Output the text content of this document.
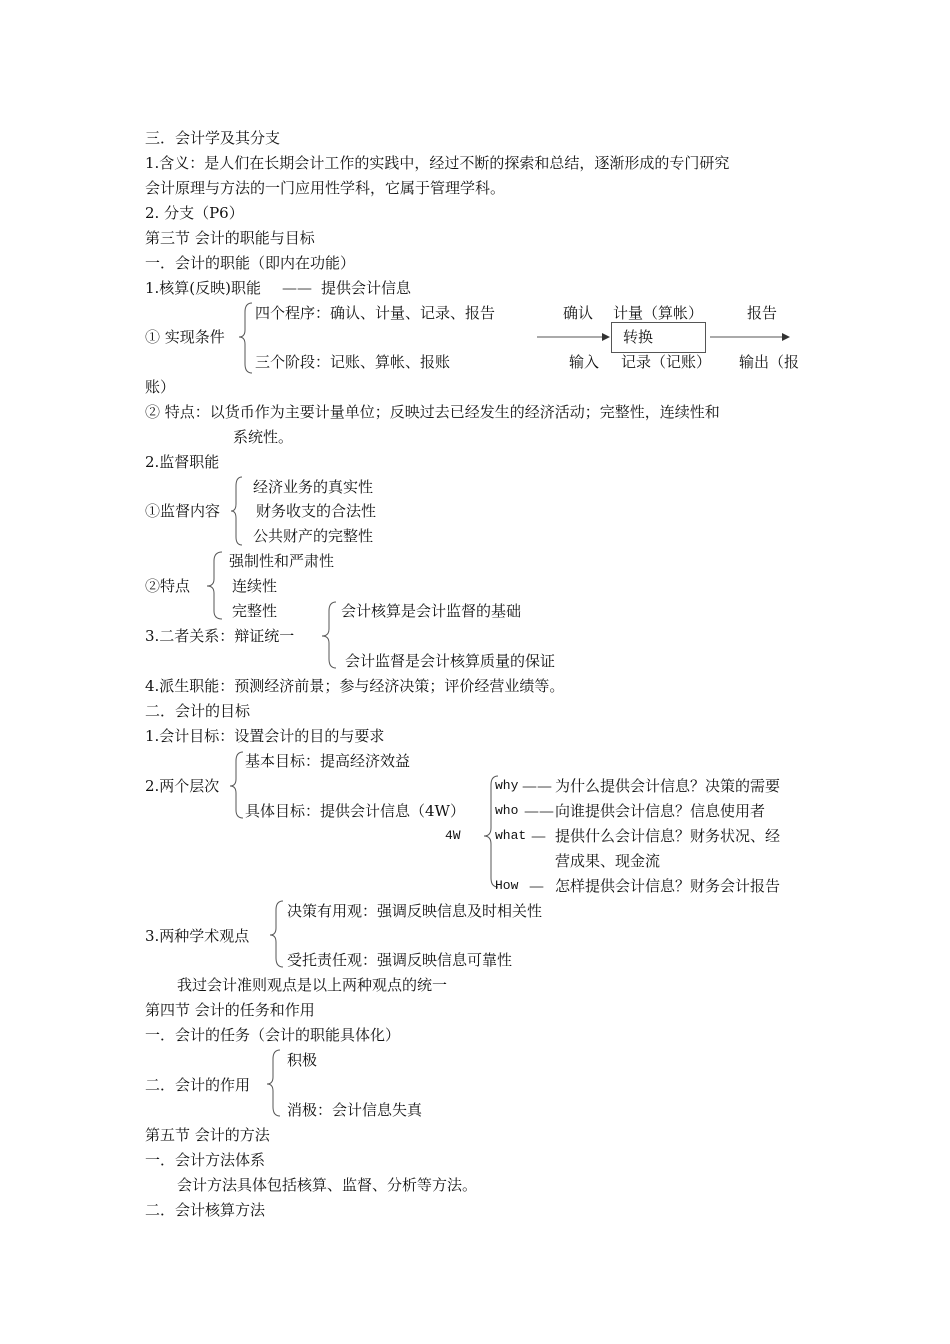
三．会计学及其分支
1.含义：是人们在长期会计工作的实践中，经过不断的探索和总结，逐渐形成的专门研究
会计原理与方法的一门应用性学科，它属于管理学科。
2. 分支（P6）
第三节 会计的职能与目标
一．会计的职能（即内在功能）
1.核算(反映)职能 —— 提供会计信息
① 实现条件
四个程序：确认、计量、记录、报告
三个阶段：记账、算帐、报账
确认 计量（算帐）	报告
转换
输入 记录（记账） 输出（报
账）
② 特点：以货币作为主要计量单位；反映过去已经发生的经济活动；完整性，连续性和
系统性。
2.监督职能
①监督内容
经济业务的真实性
财务收支的合法性
公共财产的完整性
②特点
强制性和严肃性
连续性
完整性
3.二者关系：辩证统一
会计核算是会计监督的基础
会计监督是会计核算质量的保证
4.派生职能：预测经济前景；参与经济决策；评价经营业绩等。
二．会计的目标
1.会计目标：设置会计的目的与要求
2.两个层次
基本目标：提高经济效益
具体目标：提供会计信息（4W）
4W
why —— 为什么提供会计信息？决策的需要
who —— 向谁提供会计信息？信息使用者
what — 提供什么会计信息？财务状况、经
营成果、现金流
How — 怎样提供会计信息？财务会计报告
3.两种学术观点
决策有用观：强调反映信息及时相关性
受托责任观：强调反映信息可靠性
我过会计准则观点是以上两种观点的统一
第四节 会计的任务和作用
一．会计的任务（会计的职能具体化）
二．会计的作用
积极
消极：会计信息失真
第五节 会计的方法
一．会计方法体系
会计方法具体包括核算、监督、分析等方法。
二．会计核算方法
